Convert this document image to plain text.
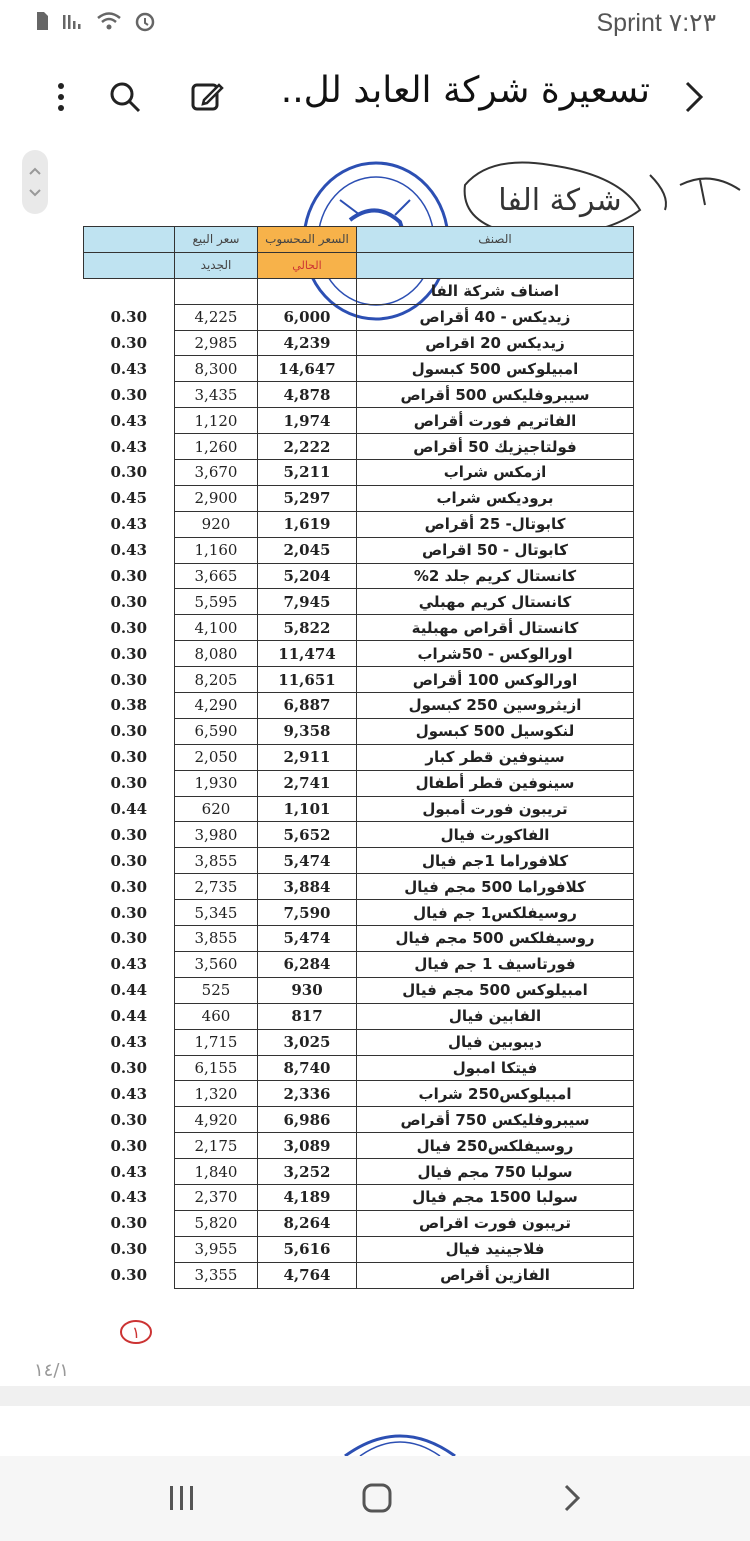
Sprint ٧:٢٣
تسعيرة شركة العابد لل..
شركة الفا
	سعر البيع	السعر المحسوب	الصنف
	الجديد	الحالي	
			اصناف شركة الفا
0.30	4,225	6,000	زيديكس - 40 أقراص
0.30	2,985	4,239	زيديكس 20 اقراص
0.43	8,300	14,647	امبيلوكس 500 كبسول
0.30	3,435	4,878	سيبروفليكس 500 أقراص
0.43	1,120	1,974	الفاتريم فورت أقراص
0.43	1,260	2,222	فولتاجيزيك 50 أقراص
0.30	3,670	5,211	ازمكس شراب
0.45	2,900	5,297	بروديكس شراب
0.43	920	1,619	كابوتال- 25 أقراص
0.43	1,160	2,045	كابوتال - 50 اقراص
0.30	3,665	5,204	كانستال كريم جلد 2%
0.30	5,595	7,945	كانستال كريم مهبلي
0.30	4,100	5,822	كانستال أقراص مهبلية
0.30	8,080	11,474	اورالوكس - 50شراب
0.30	8,205	11,651	اورالوكس 100 أقراص
0.38	4,290	6,887	ازيثروسين 250 كبسول
0.30	6,590	9,358	لنكوسيل 500 كبسول
0.30	2,050	2,911	سينوفين قطر كبار
0.30	1,930	2,741	سينوفين قطر أطفال
0.44	620	1,101	تريبون فورت أمبول
0.30	3,980	5,652	الفاكورت فيال
0.30	3,855	5,474	كلافوراما 1جم فيال
0.30	2,735	3,884	كلافوراما 500 مجم فيال
0.30	5,345	7,590	روسيفلكس1 جم فيال
0.30	3,855	5,474	روسيفلكس 500 مجم فيال
0.43	3,560	6,284	فورتاسيف 1 جم فيال
0.44	525	930	امبيلوكس 500 مجم فيال
0.44	460	817	الفابين فيال
0.43	1,715	3,025	ديبوبين فيال
0.30	6,155	8,740	فيتكا امبول
0.43	1,320	2,336	امبيلوكس250 شراب
0.30	4,920	6,986	سيبروفليكس 750 أقراص
0.30	2,175	3,089	روسيفلكس250 فيال
0.43	1,840	3,252	سولبا 750 مجم فيال
0.43	2,370	4,189	سولبا 1500 مجم فيال
0.30	5,820	8,264	تريبون فورت اقراص
0.30	3,955	5,616	فلاجينيد فيال
0.30	3,355	4,764	الفازين أقراص
١
١٤/١
